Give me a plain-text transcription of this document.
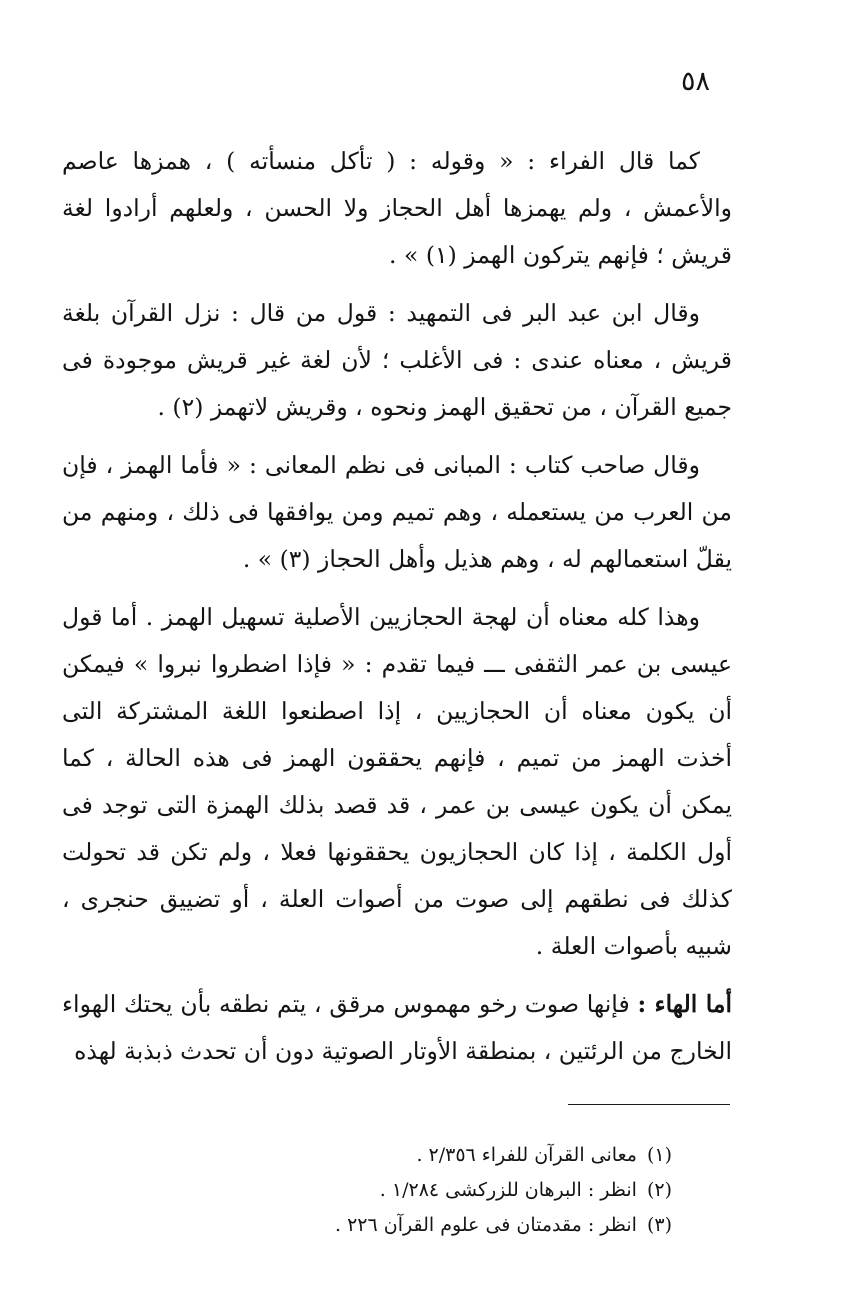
٥٨

كما قال الفراء : « وقوله : ( تأكل منسأته ) ، همزها عاصم والأعمش ، ولم يهمزها أهل الحجاز ولا الحسن ، ولعلهم أرادوا لغة قريش ؛ فإنهم يتركون الهمز (١) » .

وقال ابن عبد البر فى التمهيد : قول من قال : نزل القرآن بلغة قريش ، معناه عندى : فى الأغلب ؛ لأن لغة غير قريش موجودة فى جميع القرآن ، من تحقيق الهمز ونحوه ، وقريش لاتهمز (٢) .

وقال صاحب كتاب : المبانى فى نظم المعانى : « فأما الهمز ، فإن من العرب من يستعمله ، وهم تميم ومن يوافقها فى ذلك ، ومنهم من يقلّ استعمالهم له ، وهم هذيل وأهل الحجاز (٣) » .

وهذا كله معناه أن لهجة الحجازيين الأصلية تسهيل الهمز . أما قول عيسى بن عمر الثقفى ـــ فيما تقدم : « فإذا اضطروا نبروا » فيمكن أن يكون معناه أن الحجازيين ، إذا اصطنعوا اللغة المشتركة التى أخذت الهمز من تميم ، فإنهم يحققون الهمز فى هذه الحالة ، كما يمكن أن يكون عيسى بن عمر ، قد قصد بذلك الهمزة التى توجد فى أول الكلمة ، إذا كان الحجازيون يحققونها فعلا ، ولم تكن قد تحولت كذلك فى نطقهم إلى صوت من أصوات العلة ، أو تضييق حنجرى ، شبيه بأصوات العلة .

أما الهاء : فإنها صوت رخو مهموس مرقق ، يتم نطقه بأن يحتك الهواء الخارج من الرئتين ، بمنطقة الأوتار الصوتية دون أن تحدث ذبذبة لهذه

(١)معانى القرآن للفراء ٢/٣٥٦ .
(٢)انظر : البرهان للزركشى ١/٢٨٤ .
(٣)انظر : مقدمتان فى علوم القرآن ٢٢٦ .
